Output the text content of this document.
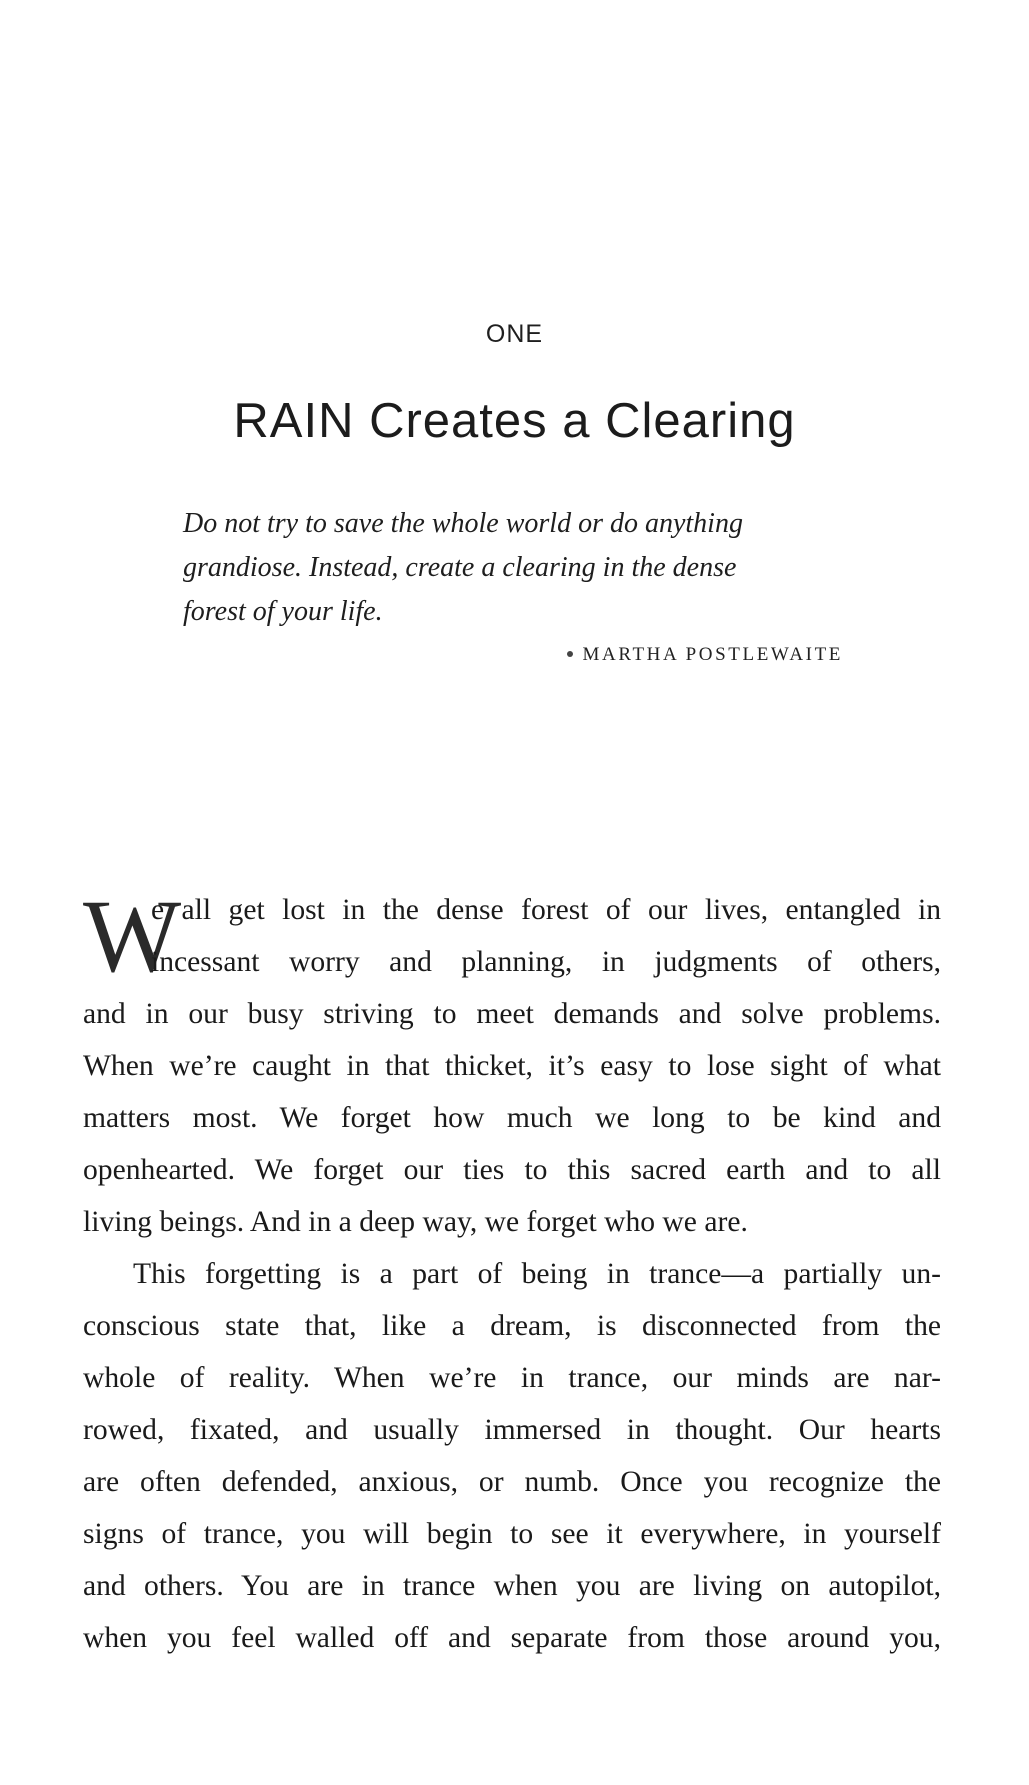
ONE
RAIN Creates a Clearing

Do not try to save the whole world or do anything
grandiose. Instead, create a clearing in the dense
forest of your life.

MARTHA POSTLEWAITE
W
e all get lost in the dense forest of our lives, entangled in
incessant worry and planning, in judgments of others,
and in our busy striving to meet demands and solve problems.
When we’re caught in that thicket, it’s easy to lose sight of what
matters most. We forget how much we long to be kind and
openhearted. We forget our ties to this sacred earth and to all
living beings. And in a deep way, we forget who we are.
This forgetting is a part of being in trance—a partially un-
conscious state that, like a dream, is disconnected from the
whole of reality. When we’re in trance, our minds are nar-
rowed, fixated, and usually immersed in thought. Our hearts
are often defended, anxious, or numb. Once you recognize the
signs of trance, you will begin to see it everywhere, in yourself
and others. You are in trance when you are living on autopilot,
when you feel walled off and separate from those around you,
